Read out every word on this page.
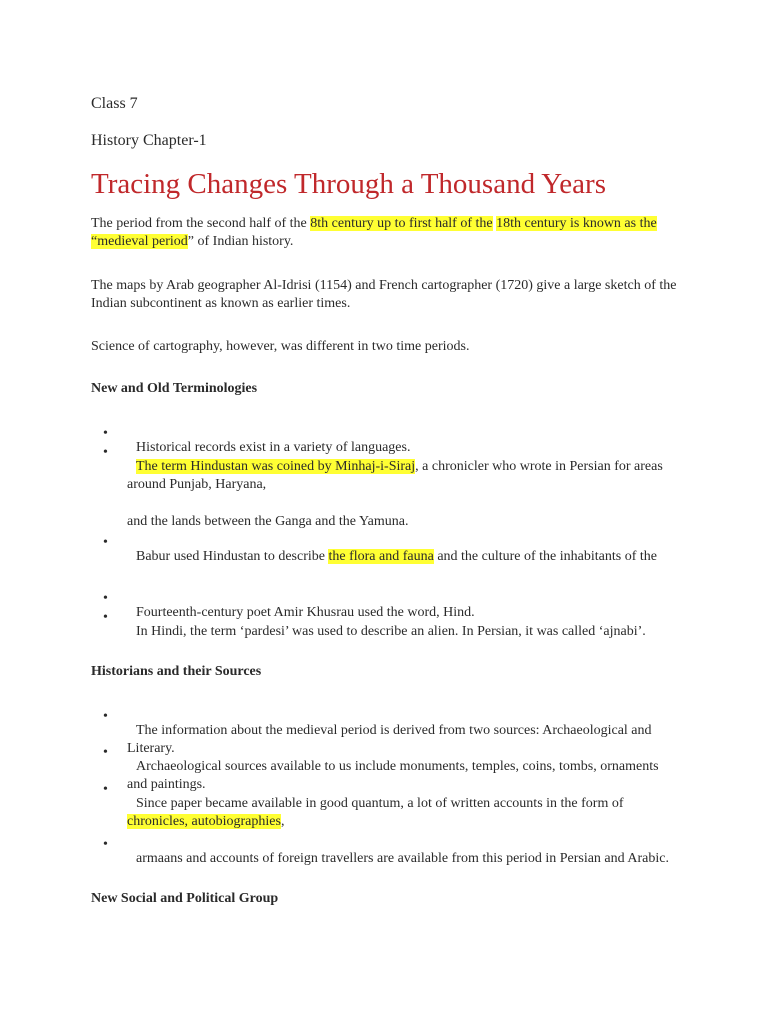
Class 7

History Chapter-1

Tracing Changes Through a Thousand Years

The period from the second half of the 8th century up to first half of the 18th century is known as the “medieval period” of Indian history.

The maps by Arab geographer Al-Idrisi (1154) and French cartographer (1720) give a large sketch of the Indian subcontinent as known as earlier times.

Science of cartography, however, was different in two time periods.

New and Old Terminologies

•

Historical records exist in a variety of languages.

•

The term Hindustan was coined by Minhaj-i-Siraj, a chronicler who wrote in Persian for areas around Punjab, Haryana,

and the lands between the Ganga and the Yamuna.

•

Babur used Hindustan to describe the flora and fauna and the culture of the inhabitants of the

•

Fourteenth-century poet Amir Khusrau used the word, Hind.

•

In Hindi, the term ‘pardesi’ was used to describe an alien. In Persian, it was called ‘ajnabi’.

Historians and their Sources

•

The information about the medieval period is derived from two sources: Archaeological and Literary.

•

Archaeological sources available to us include monuments, temples, coins, tombs, ornaments and paintings.

•

Since paper became available in good quantum, a lot of written accounts in the form of chronicles, autobiographies,

•

armaans and accounts of foreign travellers are available from this period in Persian and Arabic.

New Social and Political Group
